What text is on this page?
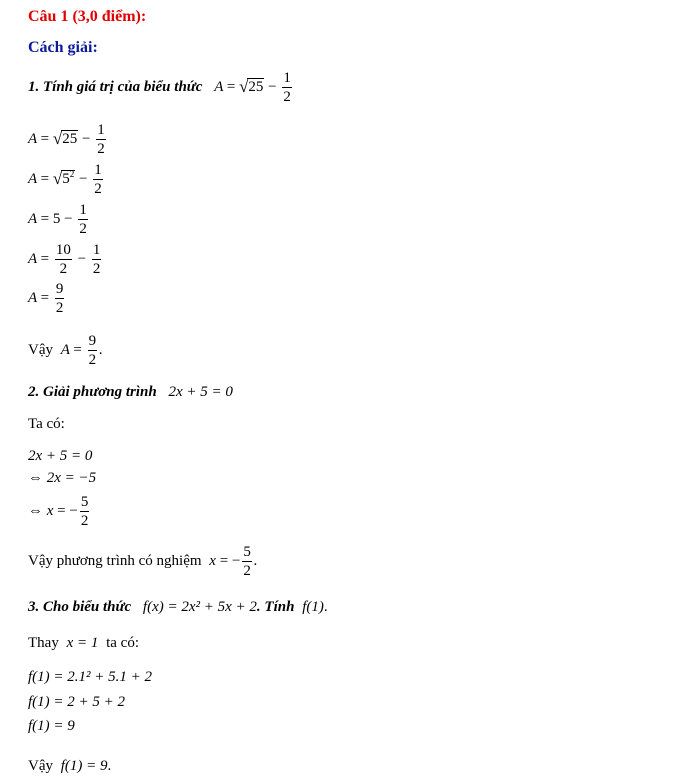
Câu 1 (3,0 điểm):
Cách giải:
1. Tính giá trị của biểu thức $A = √25 - \frac{1}{2}$
$A = √25 - \frac{1}{2}$
$A = √5^2 - \frac{1}{2}$
$A = 5 - \frac{1}{2}$
$A = \frac{10}{2} - \frac{1}{2}$
$A = \frac{9}{2}$
Vậy $A = \frac{9}{2}$ .
2. Giải phương trình 2x + 5 = 0
Ta có:
2x + 5 = 0
⇔ 2x = −5
⇔ x = − $\frac{5}{2}$
Vậy phương trình có nghiệm x = − $\frac{5}{2}$ .
3. Cho biểu thức f(x) = 2x² + 5x + 2. Tính f(1).
Thay x = 1 ta có:
f(1) = 2.1² + 5.1 + 2
f(1) = 2 + 5 + 2
f(1) = 9
Vậy f(1) = 9.
